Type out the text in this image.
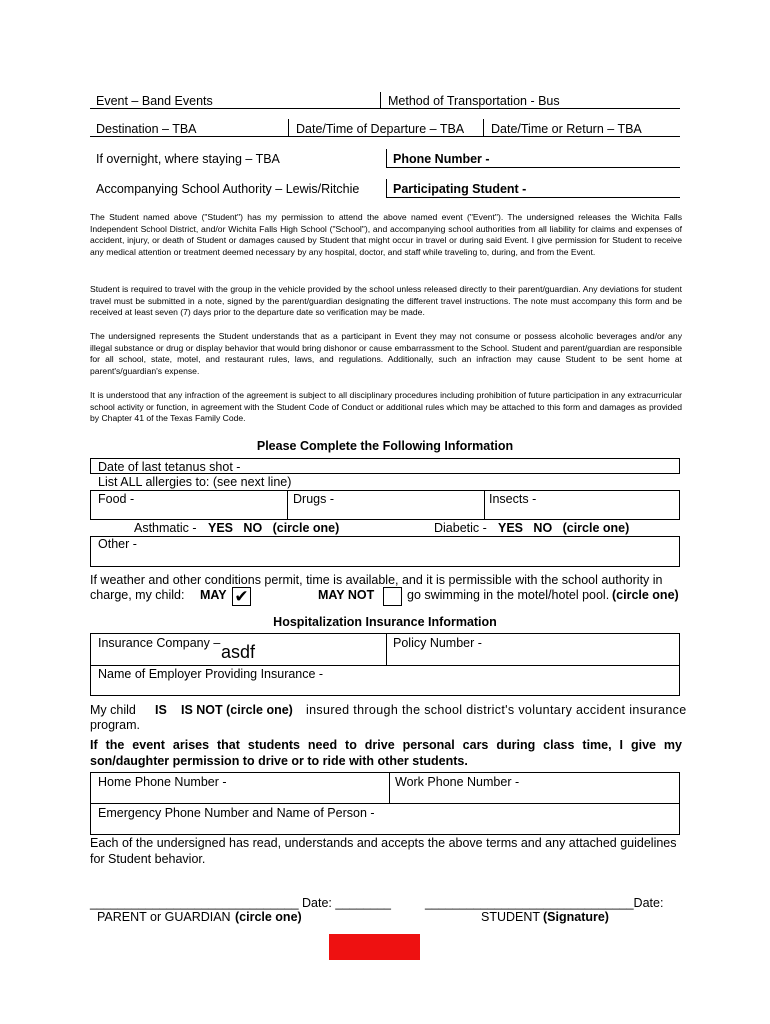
Event – Band Events	Method of Transportation - Bus
Destination – TBA	Date/Time of Departure – TBA Date/Time or Return – TBA
If overnight, where staying – TBA	Phone Number -
Accompanying School Authority – Lewis/Ritchie	Participating Student -
The Student named above ("Student") has my permission to attend the above named event ("Event"). The undersigned releases the Wichita Falls Independent School District, and/or Wichita Falls High School ("School"), and accompanying school authorities from all liability for claims and expenses of accident, injury, or death of Student or damages caused by Student that might occur in travel or during said Event. I give permission for Student to receive any medical attention or treatment deemed necessary by any hospital, doctor, and staff while traveling to, during, and from the Event.
Student is required to travel with the group in the vehicle provided by the school unless released directly to their parent/guardian. Any deviations for student travel must be submitted in a note, signed by the parent/guardian designating the different travel instructions. The note must accompany this form and be received at least seven (7) days prior to the departure date so verification may be made.
The undersigned represents the Student understands that as a participant in Event they may not consume or possess alcoholic beverages and/or any illegal substance or drug or display behavior that would bring dishonor or cause embarrassment to the School. Student and parent/guardian are responsible for all school, state, motel, and restaurant rules, laws, and regulations. Additionally, such an infraction may cause Student to be sent home at parent's/guardian's expense.
It is understood that any infraction of the agreement is subject to all disciplinary procedures including prohibition of future participation in any extracurricular school activity or function, in agreement with the Student Code of Conduct or additional rules which may be attached to this form and damages as provided by Chapter 41 of the Texas Family Code.
Please Complete the Following Information
Date of last tetanus shot -
List ALL allergies to: (see next line)
Food -	Drugs -	Insects -
Asthmatic - YES   NO   (circle one)	Diabetic - YES   NO   (circle one)
Other -
If weather and other conditions permit, time is available, and it is permissible with the school authority in
charge, my child: MAY ✔	MAY NOT	go swimming in the motel/hotel pool. (circle one)
Hospitalization Insurance Information
Insurance Company – asdf	Policy Number -
Name of Employer Providing Insurance -
My child IS IS NOT (circle one) insured through the school district's voluntary accident insurance
program.
If the event arises that students need to drive personal cars during class time, I give my son/daughter permission to drive or to ride with other students.
Home Phone Number -	Work Phone Number -
Emergency Phone Number and Name of Person -
Each of the undersigned has read, understands and accepts the above terms and any attached guidelines for Student behavior.
______________________________ Date: ________	______________________________Date:
PARENT or GUARDIAN (circle one)	STUDENT (Signature)
